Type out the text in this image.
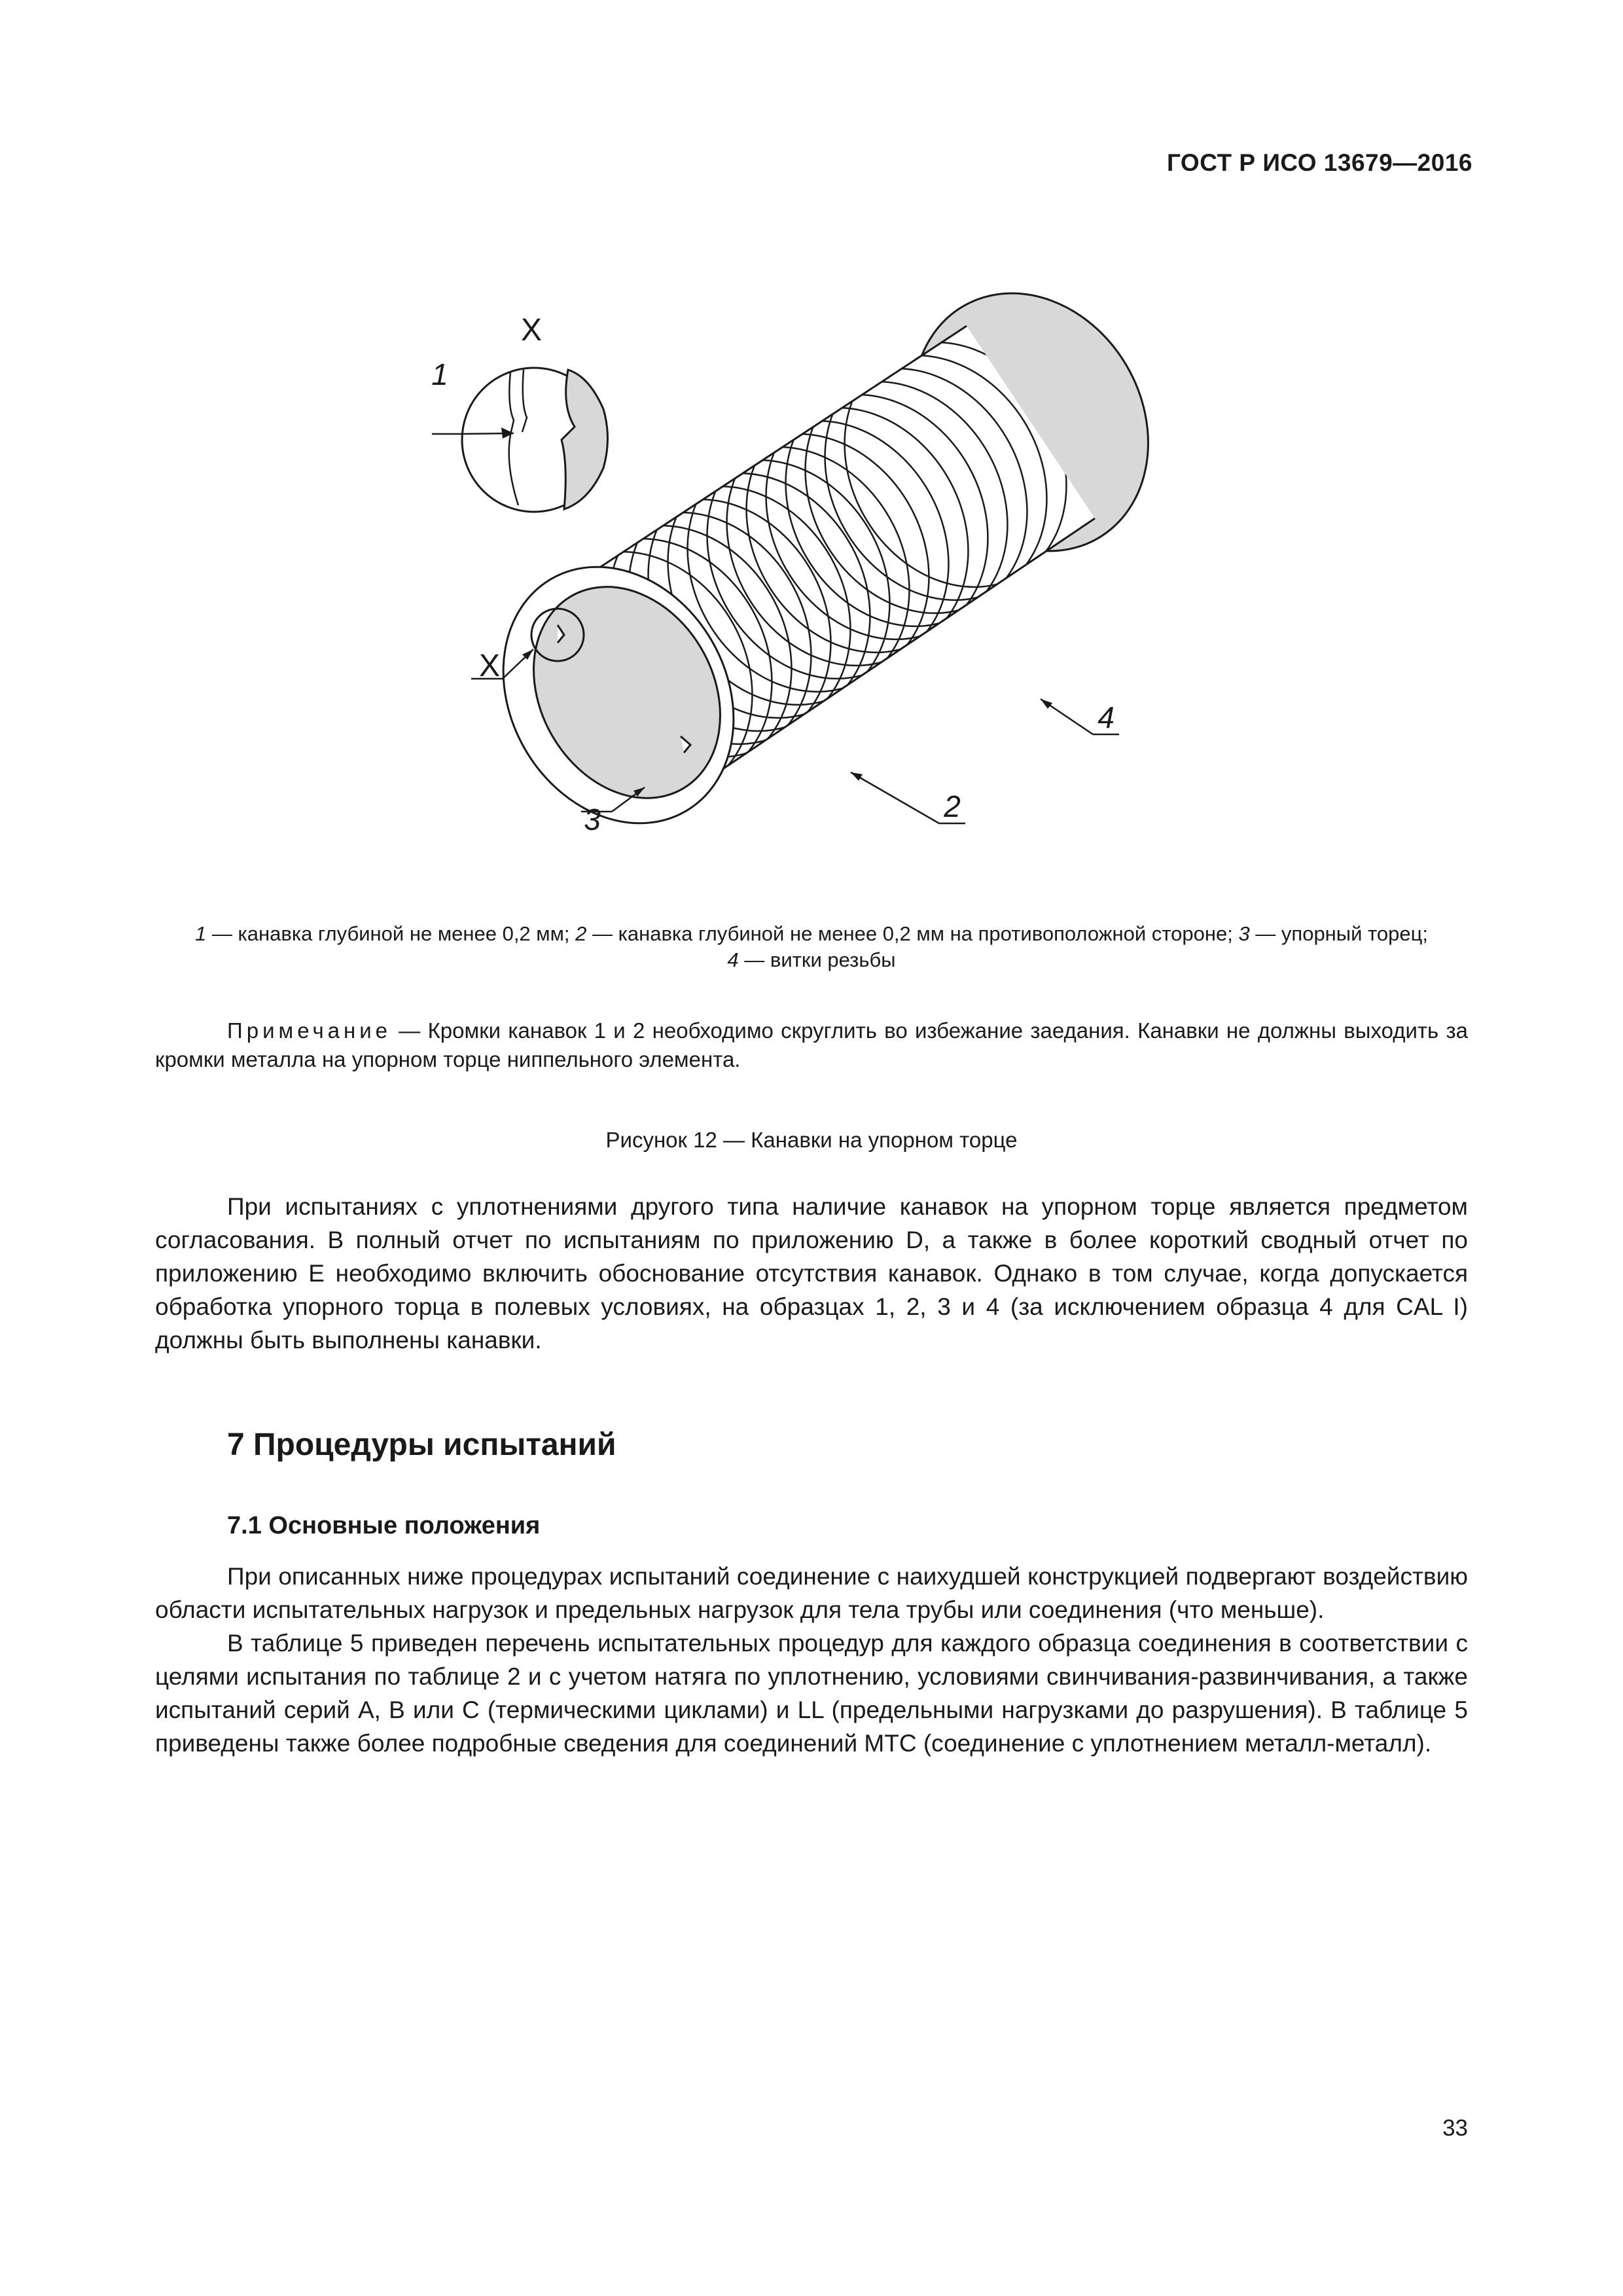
ГОСТ Р ИСО 13679—2016
X
X
1
3
4
2
1 — канавка глубиной не менее 0,2 мм; 2 — канавка глубиной не менее 0,2 мм на противоположной стороне; 3 — упорный торец;
4 — витки резьбы
Примечание — Кромки канавок 1 и 2 необходимо скруглить во избежание заедания. Канавки не должны выходить за кромки металла на упорном торце ниппельного элемента.
Рисунок 12 — Канавки на упорном торце

При испытаниях с уплотнениями другого типа наличие канавок на упорном торце является предметом согласования. В полный отчет по испытаниям по приложению D, а также в более короткий сводный отчет по приложению E необходимо включить обоснование отсутствия канавок. Однако в том случае, когда допускается обработка упорного торца в полевых условиях, на образцах 1, 2, 3 и 4 (за исключением образца 4 для CAL I) должны быть выполнены канавки.

7 Процедуры испытаний
7.1 Основные положения

При описанных ниже процедурах испытаний соединение с наихудшей конструкцией подвергают воздействию области испытательных нагрузок и предельных нагрузок для тела трубы или соединения (что меньше).

В таблице 5 приведен перечень испытательных процедур для каждого образца соединения в соответствии с целями испытания по таблице 2 и с учетом натяга по уплотнению, условиями свинчивания-развинчивания, а также испытаний серий A, B или C (термическими циклами) и LL (предельными нагрузками до разрушения). В таблице 5 приведены также более подробные сведения для соединений MTC (соединение с уплотнением металл-металл).

33
